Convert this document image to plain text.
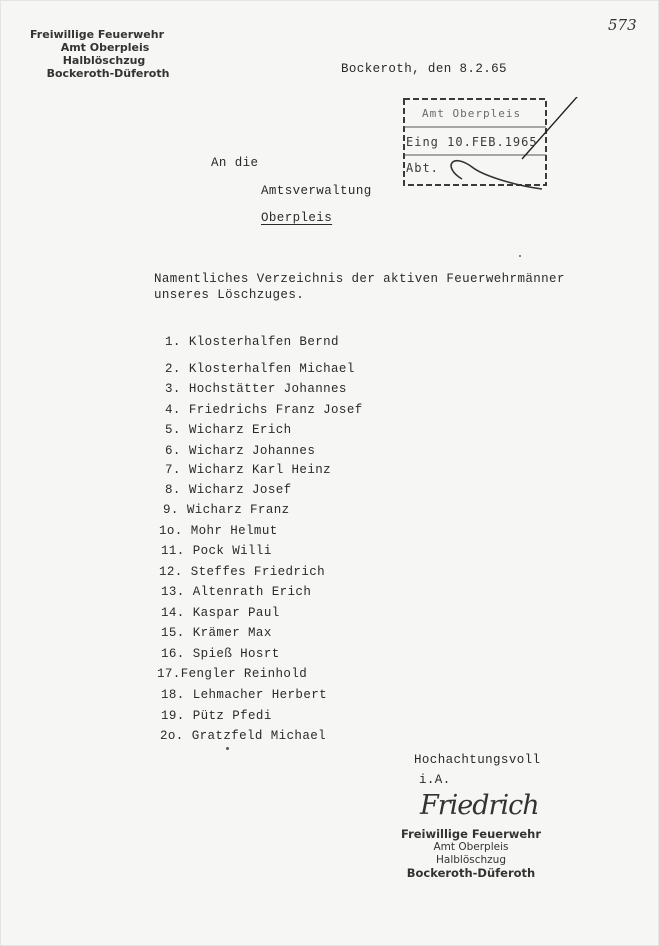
573
Freiwillige Feuerwehr
Amt Oberpleis
Halblöschzug
Bockeroth-Düferoth	Bockeroth, den 8.2.65
Amt Oberpleis
Eing 10.FEB.1965
Abt.
An die
Amtsverwaltung
Oberpleis
Namentliches Verzeichnis der aktiven Feuerwehrmänner
unseres Löschzuges.
1. Klosterhalfen Bernd
2. Klosterhalfen Michael
3. Hochstätter Johannes
4. Friedrichs Franz Josef
5. Wicharz Erich
6. Wicharz Johannes
7. Wicharz Karl Heinz
8. Wicharz Josef
9. Wicharz Franz
1o. Mohr Helmut
11. Pock Willi
12. Steffes Friedrich
13. Altenrath Erich
14. Kaspar Paul
15. Krämer Max
16. Spieß Hosrt
17.Fengler Reinhold
18. Lehmacher Herbert
19. Pütz Pfedi
2o. Gratzfeld Michael
Hochachtungsvoll
i.A.
Friedrich
Freiwillige Feuerwehr
Amt Oberpleis
Halblöschzug
Bockeroth-Düferoth
